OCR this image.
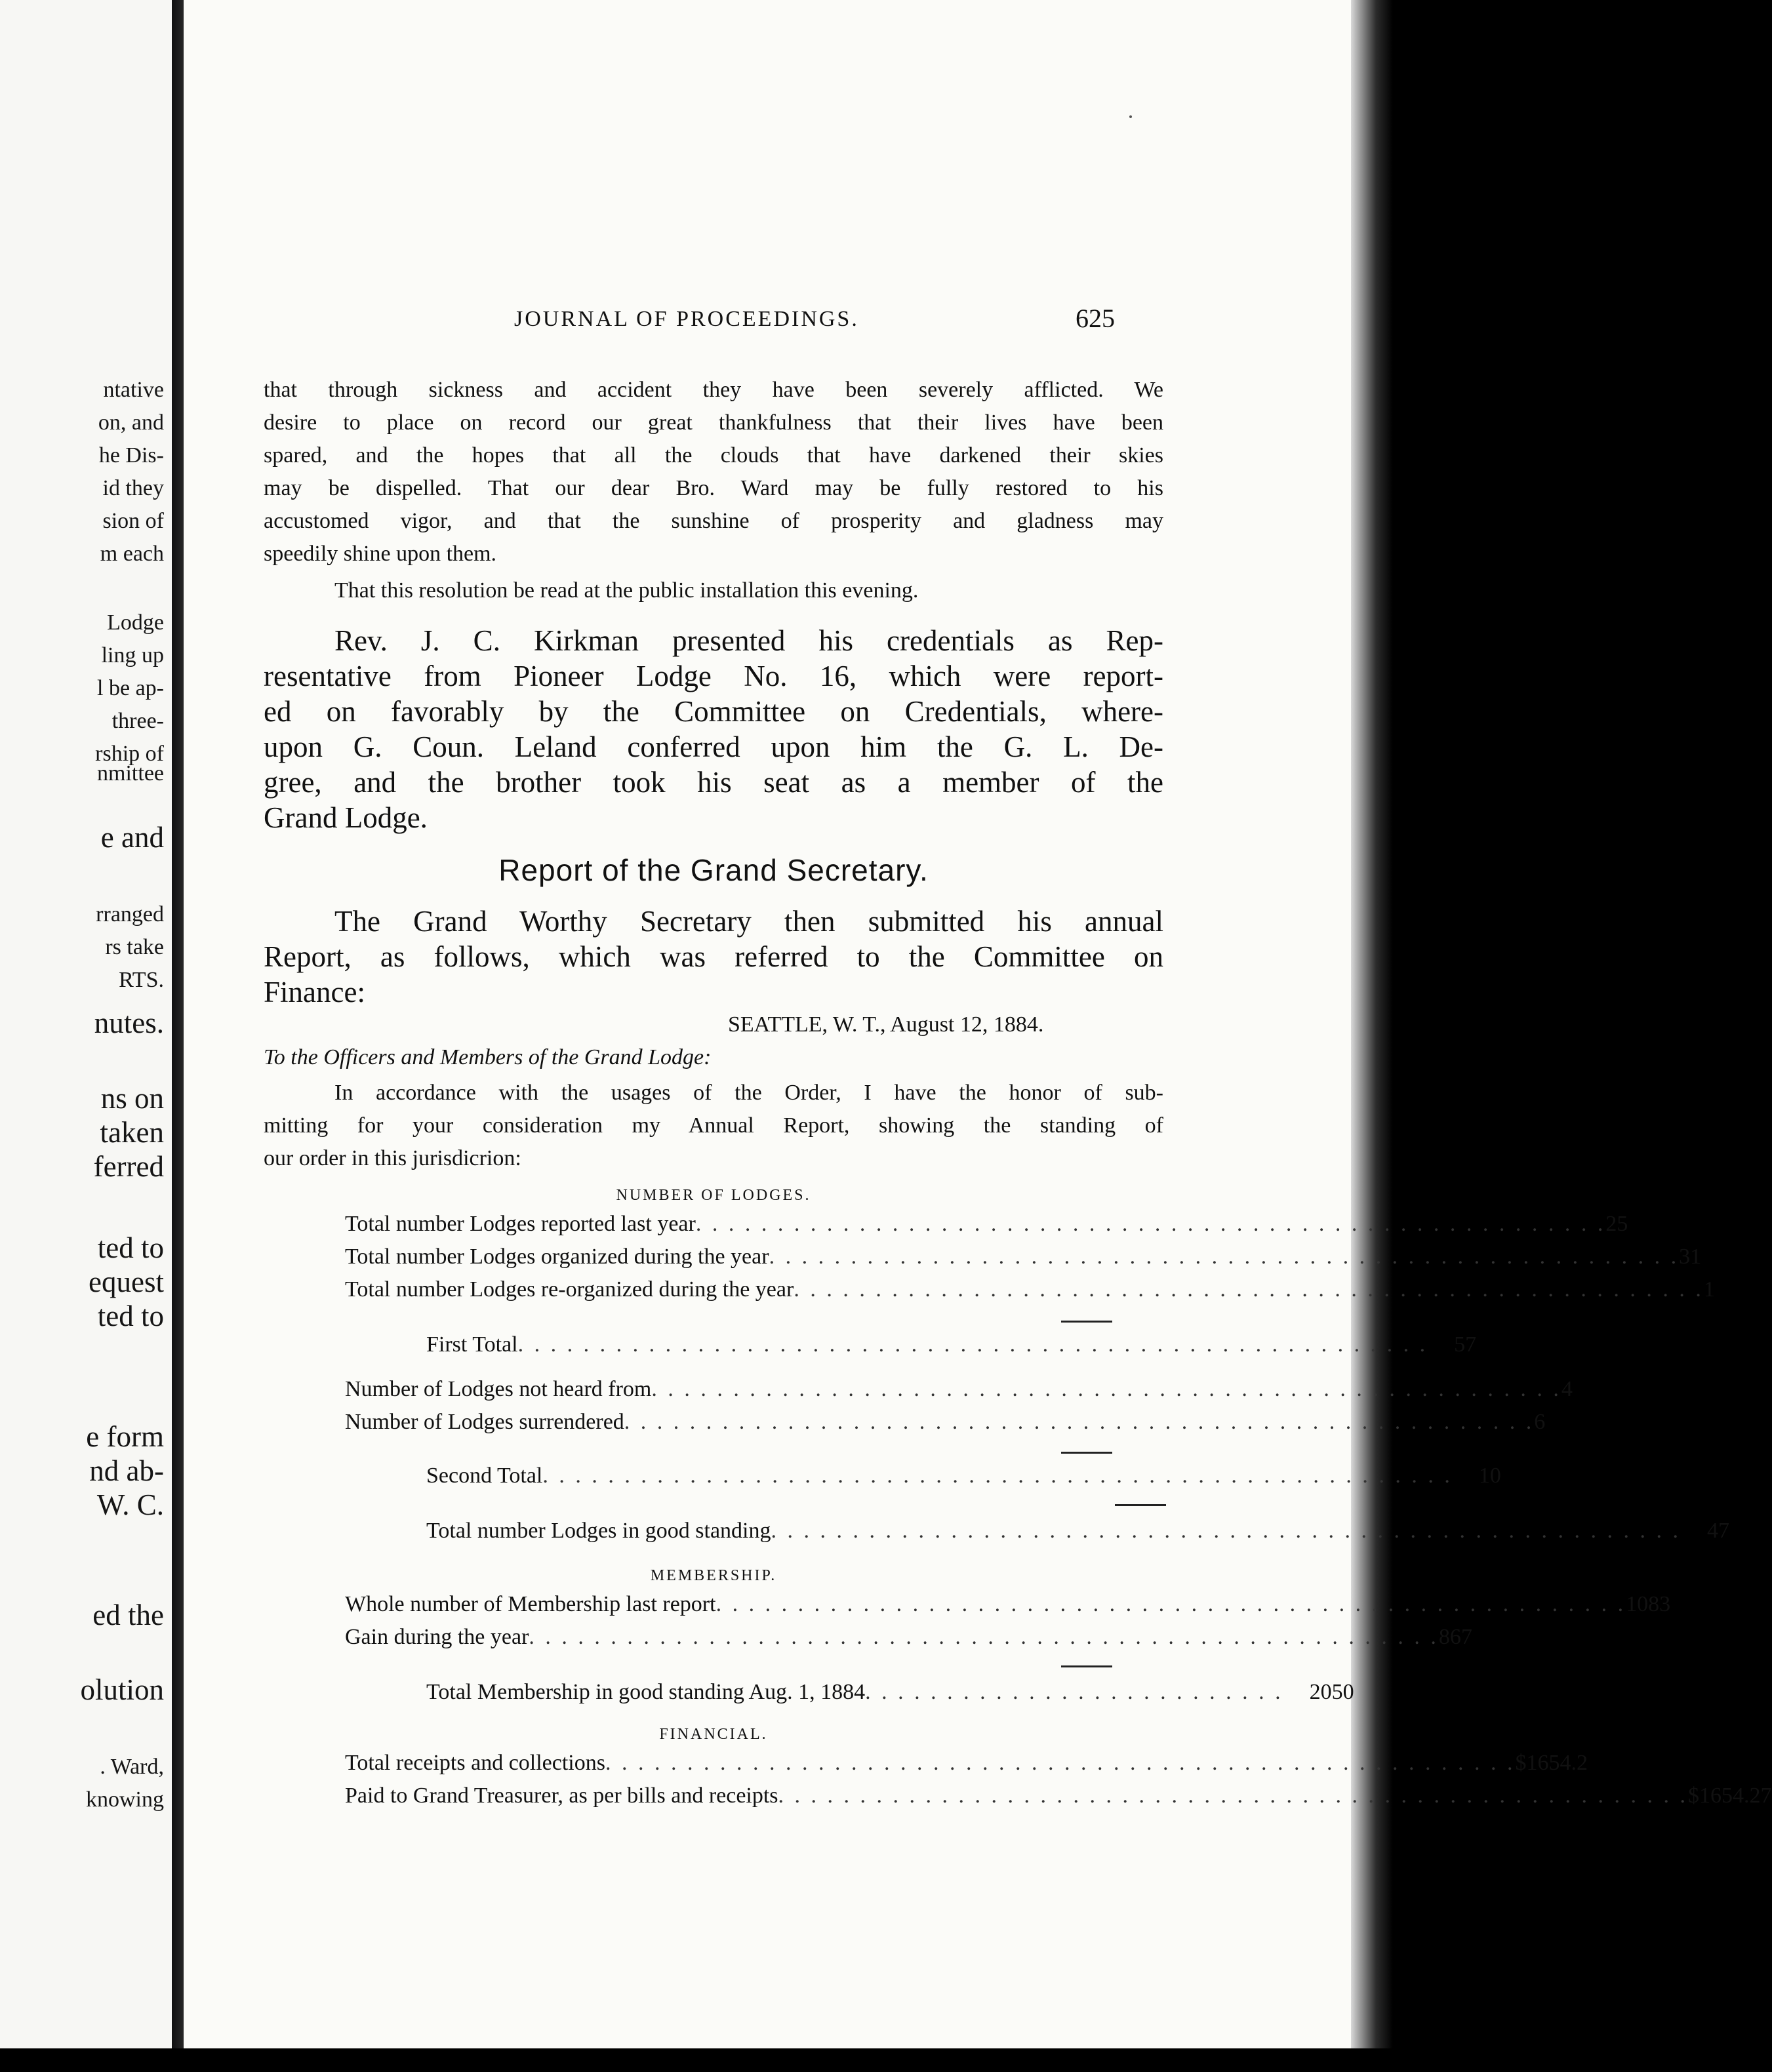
ntative
on, and
he Dis-
id they
sion of
m each
Lodge
ling up
l be ap-
three-
rship of
nmittee
e and
rranged
rs take
RTS.
nutes.
ns on
taken
ferred
ted to
equest
ted to
e form
nd ab-
W. C.
ed the
olution
. Ward,
knowing
JOURNAL OF PROCEEDINGS.	625
that through sickness and accident they have been severely afflicted. We
desire to place on record our great thankfulness that their lives have been
spared, and the hopes that all the clouds that have darkened their skies
may be dispelled. That our dear Bro. Ward may be fully restored to his
accustomed vigor, and that the sunshine of prosperity and gladness may
speedily shine upon them.
That this resolution be read at the public installation this evening.
Rev. J. C. Kirkman presented his credentials as Rep-
resentative from Pioneer Lodge No. 16, which were report-
ed on favorably by the Committee on Credentials, where-
upon G. Coun. Leland conferred upon him the G. L. De-
gree, and the brother took his seat as a member of the
Grand Lodge.
Report of the Grand Secretary.
The Grand Worthy Secretary then submitted his annual
Report, as follows, which was referred to the Committee on
Finance:
SEATTLE, W. T., August 12, 1884.
To the Officers and Members of the Grand Lodge:
In accordance with the usages of the Order, I have the honor of sub-
mitting for your consideration my Annual Report, showing the standing of
our order in this jurisdicrion:
NUMBER OF LODGES.
Total number Lodges reported last year . . . . . . . . . . . . . . . . . . . . . . . . . . . . . . . . . . . . . . . . . . . . . . . . . . . . . . . . 25
Total number Lodges organized during the year . . . . . . . . . . . . . . . . . . . . . . . . . . . . . . . . . . . . . . . . . . . . . . . . . . . . . . . . 31
Total number Lodges re-organized during the year . . . . . . . . . . . . . . . . . . . . . . . . . . . . . . . . . . . . . . . . . . . . . . . . . . . . . . . . 1
First Total . . . . . . . . . . . . . . . . . . . . . . . . . . . . . . . . . . . . . . . . . . . . . . . . . . . . . . . . 57
Number of Lodges not heard from . . . . . . . . . . . . . . . . . . . . . . . . . . . . . . . . . . . . . . . . . . . . . . . . . . . . . . . . 4
Number of Lodges surrendered . . . . . . . . . . . . . . . . . . . . . . . . . . . . . . . . . . . . . . . . . . . . . . . . . . . . . . . . 6
Second Total . . . . . . . . . . . . . . . . . . . . . . . . . . . . . . . . . . . . . . . . . . . . . . . . . . . . . . . . 10
Total number Lodges in good standing . . . . . . . . . . . . . . . . . . . . . . . . . . . . . . . . . . . . . . . . . . . . . . . . . . . . . . . . 47
MEMBERSHIP.
Whole number of Membership last report . . . . . . . . . . . . . . . . . . . . . . . . . . . . . . . . . . . . . . . . . . . . . . . . . . . . . . . . 1083
Gain during the year . . . . . . . . . . . . . . . . . . . . . . . . . . . . . . . . . . . . . . . . . . . . . . . . . . . . . . . . 867
Total Membership in good standing Aug. 1, 1884 . . . . . . . . . . . . . . . . . . . . . . . . . . 2050
FINANCIAL.
Total receipts and collections . . . . . . . . . . . . . . . . . . . . . . . . . . . . . . . . . . . . . . . . . . . . . . . . . . . . . . . . $1654.2
Paid to Grand Treasurer, as per bills and receipts . . . . . . . . . . . . . . . . . . . . . . . . . . . . . . . . . . . . . . . . . . . . . . . . . . . . . . . . $1654.27
